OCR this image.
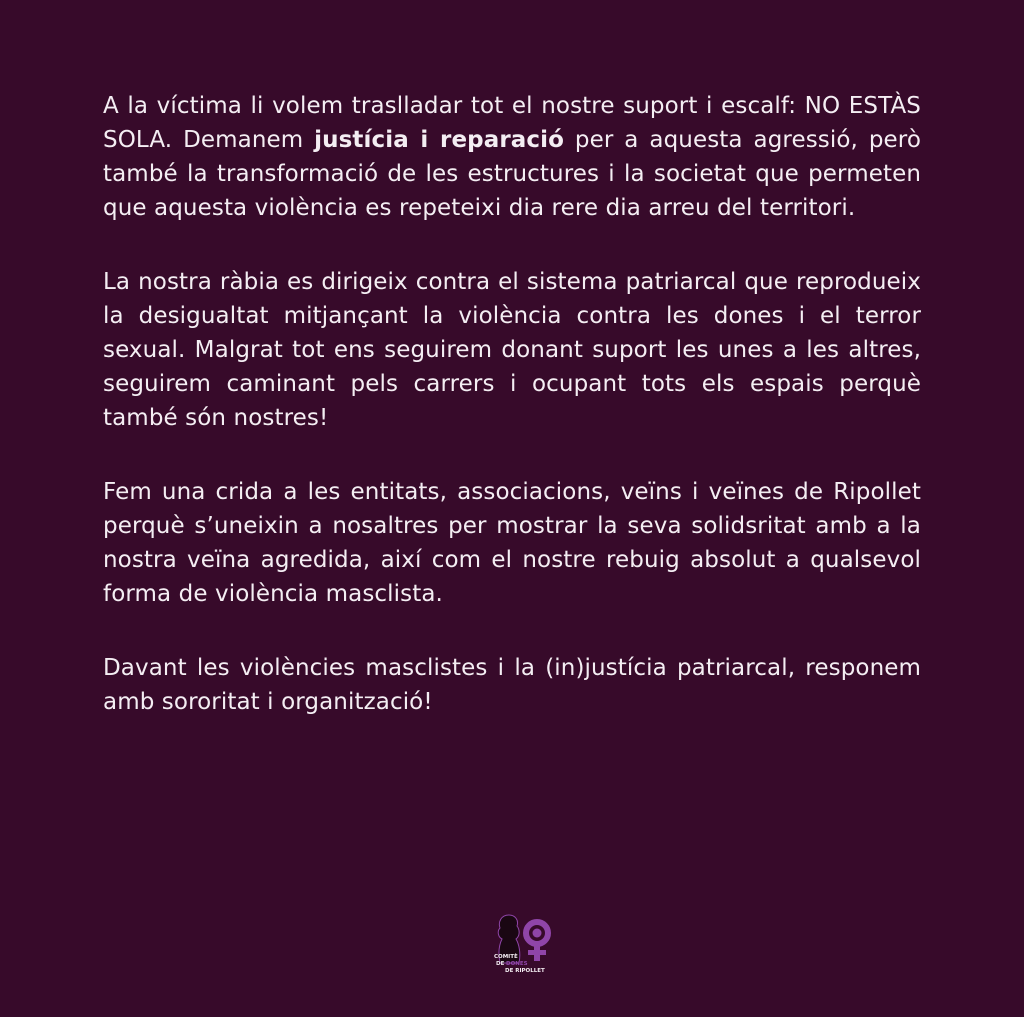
A la víctima li volem traslladar tot el nostre suport i escalf: NO ESTÀS SOLA. Demanem justícia i reparació per a aquesta agressió, però també la transformació de les estructures i la societat que permeten que aquesta violència es repeteixi dia rere dia arreu del territori.

La nostra ràbia es dirigeix contra el sistema patriarcal que reprodueix la desigualtat mitjançant la violència contra les dones i el terror sexual. Malgrat tot ens seguirem donant suport les unes a les altres, seguirem caminant pels carrers i ocupant tots els espais perquè també són nostres!

Fem una crida a les entitats, associacions, veïns i veïnes de Ripollet perquè s’uneixin a nosaltres per mostrar la seva solidsritat amb a la nostra veïna agredida, així com el nostre rebuig absolut a qualsevol forma de violència masclista.

Davant les violències masclistes i la (in)justícia patriarcal, responem amb sororitat i organització!

COMITÈ
DE DONES
DE RIPOLLET
